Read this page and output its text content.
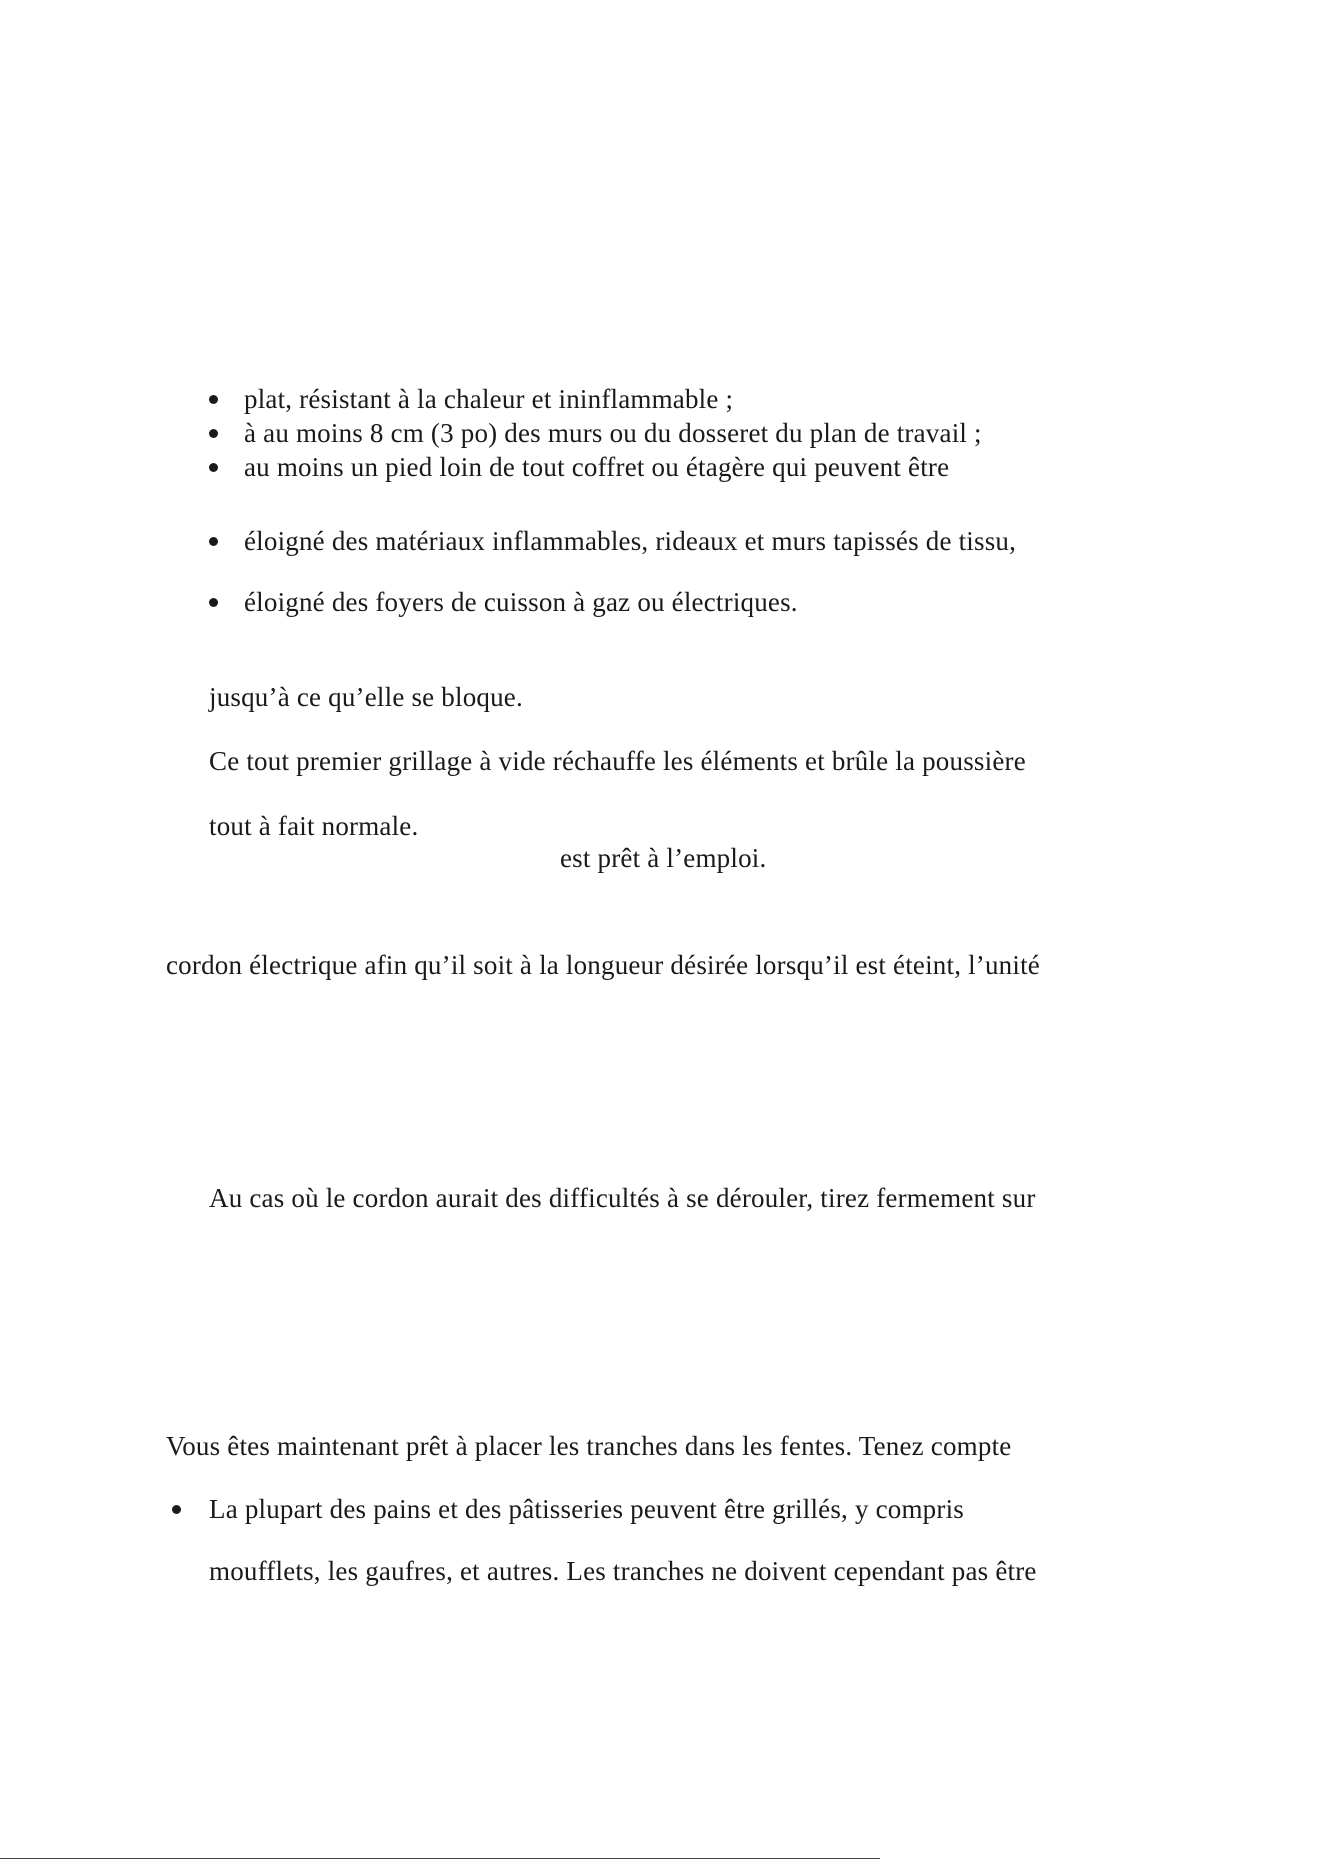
plat, résistant à la chaleur et ininflammable ;
à au moins 8 cm (3 po) des murs ou du dosseret du plan de travail ;
au moins un pied loin de tout coffret ou étagère qui peuvent être
éloigné des matériaux inflammables, rideaux et murs tapissés de tissu,
éloigné des foyers de cuisson à gaz ou électriques.
jusqu’à ce qu’elle se bloque.
Ce tout premier grillage à vide réchauffe les éléments et brûle la poussière
tout à fait normale.
est prêt à l’emploi.
cordon électrique afin qu’il soit à la longueur désirée lorsqu’il est éteint, l’unité
Au cas où le cordon aurait des difficultés à se dérouler, tirez fermement sur
Vous êtes maintenant prêt à placer les tranches dans les fentes. Tenez compte
La plupart des pains et des pâtisseries peuvent être grillés, y compris
moufflets, les gaufres, et autres. Les tranches ne doivent cependant pas être
